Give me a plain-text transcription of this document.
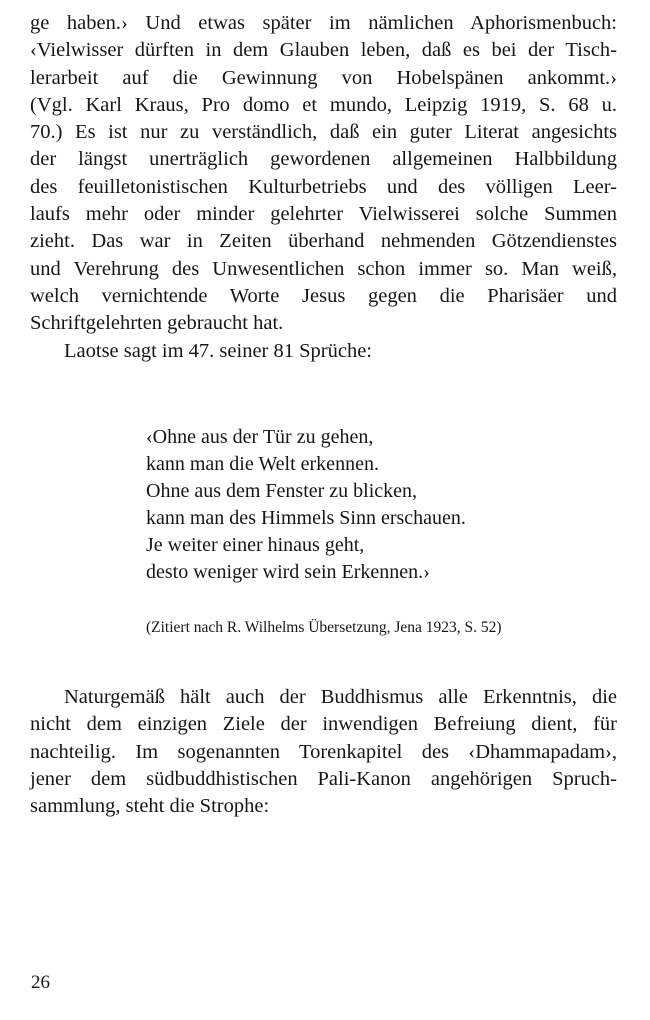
ge haben.› Und etwas später im nämlichen Aphorismenbuch:
‹Vielwisser dürften in dem Glauben leben, daß es bei der Tisch-
lerarbeit auf die Gewinnung von Hobelspänen ankommt.›
(Vgl. Karl Kraus, Pro domo et mundo, Leipzig 1919, S. 68 u.
70.) Es ist nur zu verständlich, daß ein guter Literat angesichts
der längst unerträglich gewordenen allgemeinen Halbbildung
des feuilletonistischen Kulturbetriebs und des völligen Leer-
laufs mehr oder minder gelehrter Vielwisserei solche Summen
zieht. Das war in Zeiten überhand nehmenden Götzendienstes
und Verehrung des Unwesentlichen schon immer so. Man weiß,
welch vernichtende Worte Jesus gegen die Pharisäer und
Schriftgelehrten gebraucht hat.
Laotse sagt im 47. seiner 81 Sprüche:
‹Ohne aus der Tür zu gehen,
kann man die Welt erkennen.
Ohne aus dem Fenster zu blicken,
kann man des Himmels Sinn erschauen.
Je weiter einer hinaus geht,
desto weniger wird sein Erkennen.›
(Zitiert nach R. Wilhelms Übersetzung, Jena 1923, S. 52)
Naturgemäß hält auch der Buddhismus alle Erkenntnis, die
nicht dem einzigen Ziele der inwendigen Befreiung dient, für
nachteilig. Im sogenannten Torenkapitel des ‹Dhammapadam›,
jener dem südbuddhistischen Pali-Kanon angehörigen Spruch-
sammlung, steht die Strophe:
26
